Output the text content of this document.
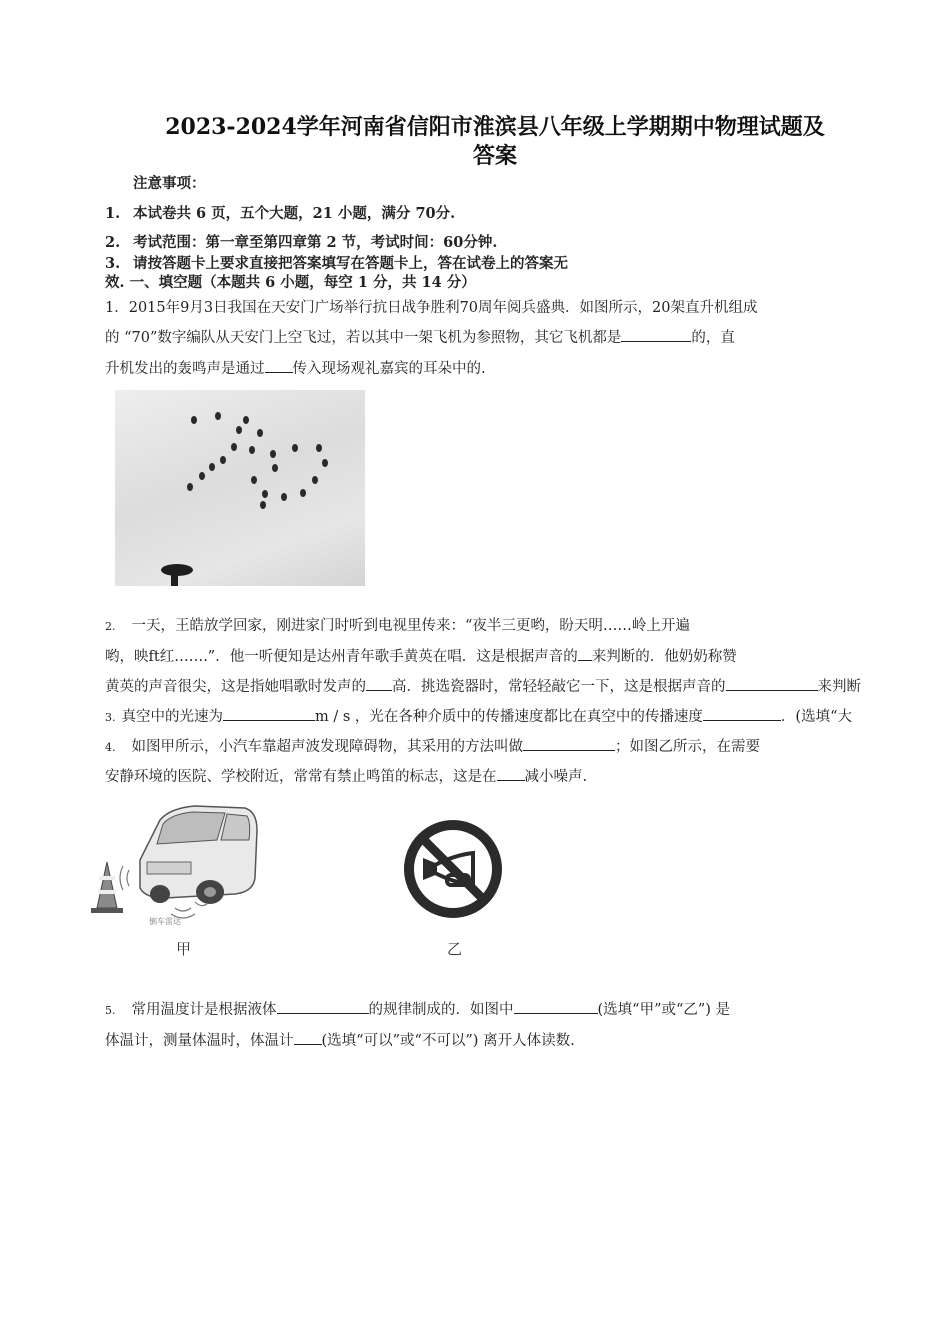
2023-2024学年河南省信阳市淮滨县八年级上学期期中物理试题及
答案
注意事项：
1. 本试卷共 6 页，五个大题，21 小题，满分 70分.
2. 考试范围：第一章至第四章第 2 节，考试时间：60分钟.
3. 请按答题卡上要求直接把答案填写在答题卡上，答在试卷上的答案无
效. 一、填空题（本题共 6 小题，每空 1 分，共 14 分）
1．2015年9月3日我国在天安门广场举行抗日战争胜利70周年阅兵盛典．如图所示，20架直升机组成
的 “70”数字编队从天安门上空飞过，若以其中一架飞机为参照物，其它飞机都是	的，直
升机发出的轰鸣声是通过 传入现场观礼嘉宾的耳朵中的.
2. 一天，王皓放学回家，刚进家门时听到电视里传来：“夜半三更哟，盼天明……岭上开遍
哟，映ft红…….”．他一听便知是达州青年歌手黄英在唱．这是根据声音的 来判断的．他奶奶称赞
黄英的声音很尖，这是指她唱歌时发声的 高．挑选瓷器时，常轻轻敲它一下，这是根据声音的	来判断
3. 真空中的光速为	m / s ，光在各种介质中的传播速度都比在真空中的传播速度	．(选填“大
4. 如图甲所示，小汽车靠超声波发现障碍物，其采用的方法叫做	；如图乙所示，在需要
安静环境的医院、学校附近，常常有禁止鸣笛的标志，这是在 减小噪声.
倒车雷达
甲	乙
5. 常用温度计是根据液体	的规律制成的．如图中	(选填“甲”或“乙”) 是
体温计，测量体温时，体温计 (选填“可以”或“不可以”) 离开人体读数.
